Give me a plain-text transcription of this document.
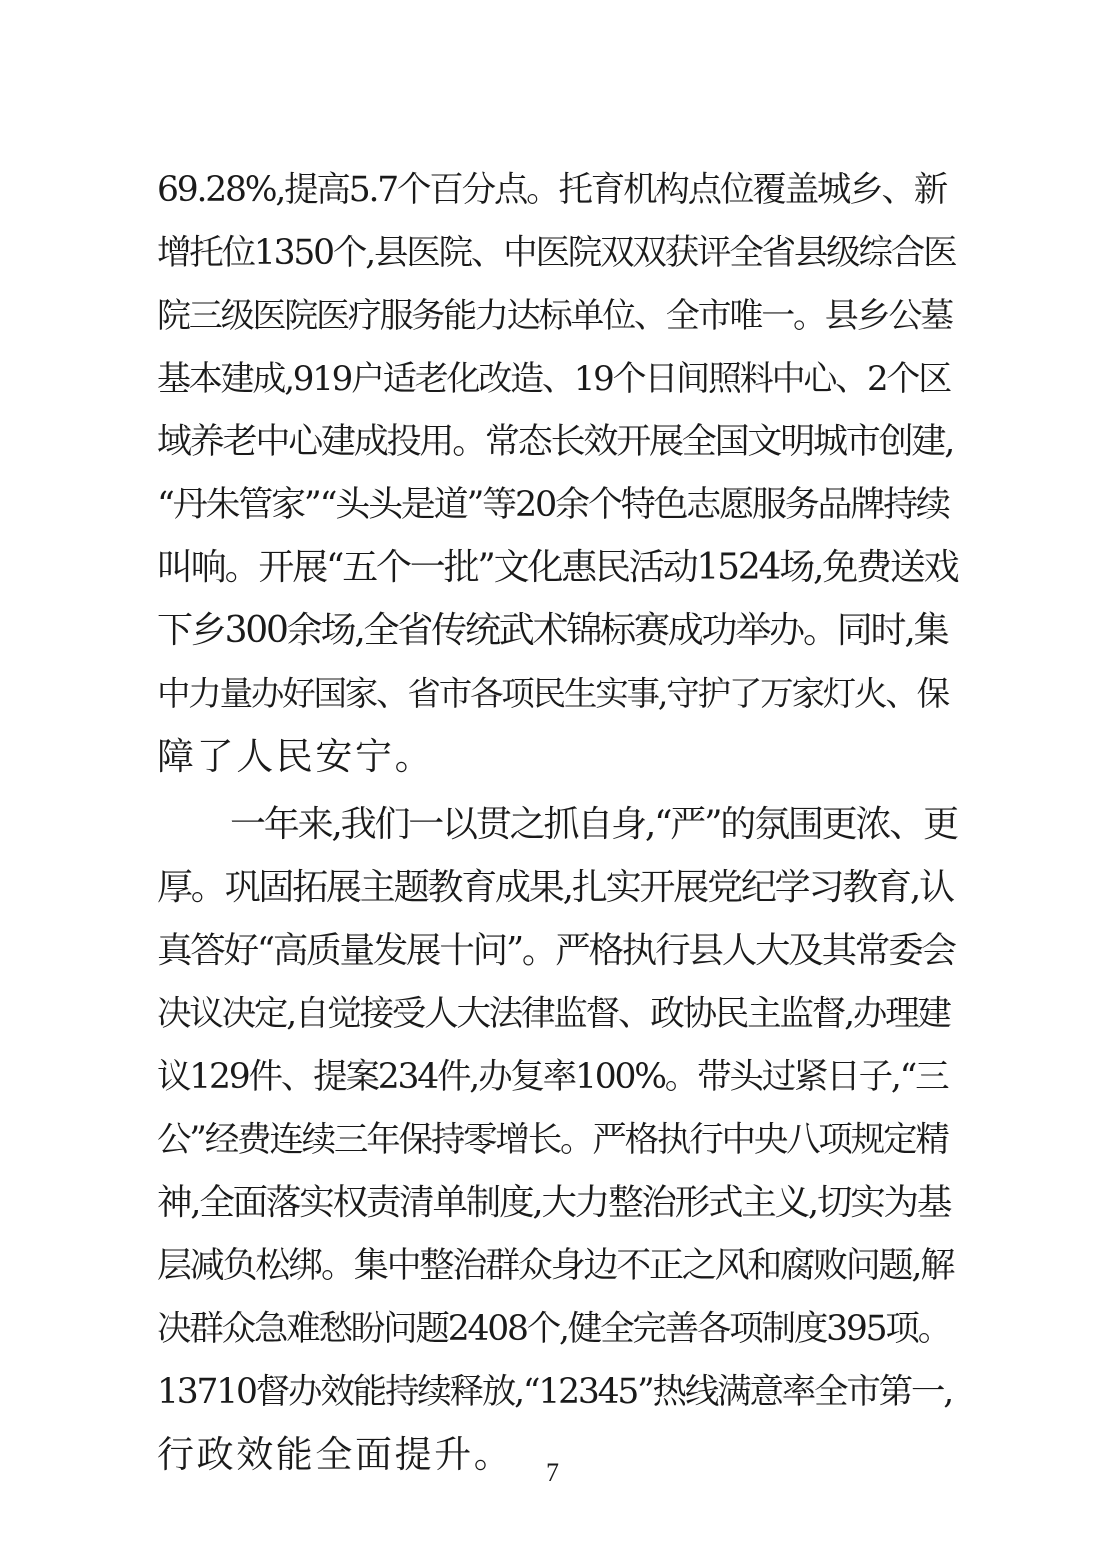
69.28%,提高5.7个百分点。托育机构点位覆盖城乡、新
增托位1350个,县医院、中医院双双获评全省县级综合医
院三级医院医疗服务能力达标单位、全市唯一。县乡公墓
基本建成,919户适老化改造、19个日间照料中心、2个区
域养老中心建成投用。常态长效开展全国文明城市创建,
“丹朱管家”“头头是道”等20余个特色志愿服务品牌持续
叫响。开展“五个一批”文化惠民活动1524场,免费送戏
下乡300余场,全省传统武术锦标赛成功举办。同时,集
中力量办好国家、省市各项民生实事,守护了万家灯火、保
障了人民安宁。
一年来,我们一以贯之抓自身,“严”的氛围更浓、更
厚。巩固拓展主题教育成果,扎实开展党纪学习教育,认
真答好“高质量发展十问”。严格执行县人大及其常委会
决议决定,自觉接受人大法律监督、政协民主监督,办理建
议129件、提案234件,办复率100%。带头过紧日子,“三
公”经费连续三年保持零增长。严格执行中央八项规定精
神,全面落实权责清单制度,大力整治形式主义,切实为基
层减负松绑。集中整治群众身边不正之风和腐败问题,解
决群众急难愁盼问题2408个,健全完善各项制度395项。
13710督办效能持续释放,“12345”热线满意率全市第一,
行政效能全面提升。	7
